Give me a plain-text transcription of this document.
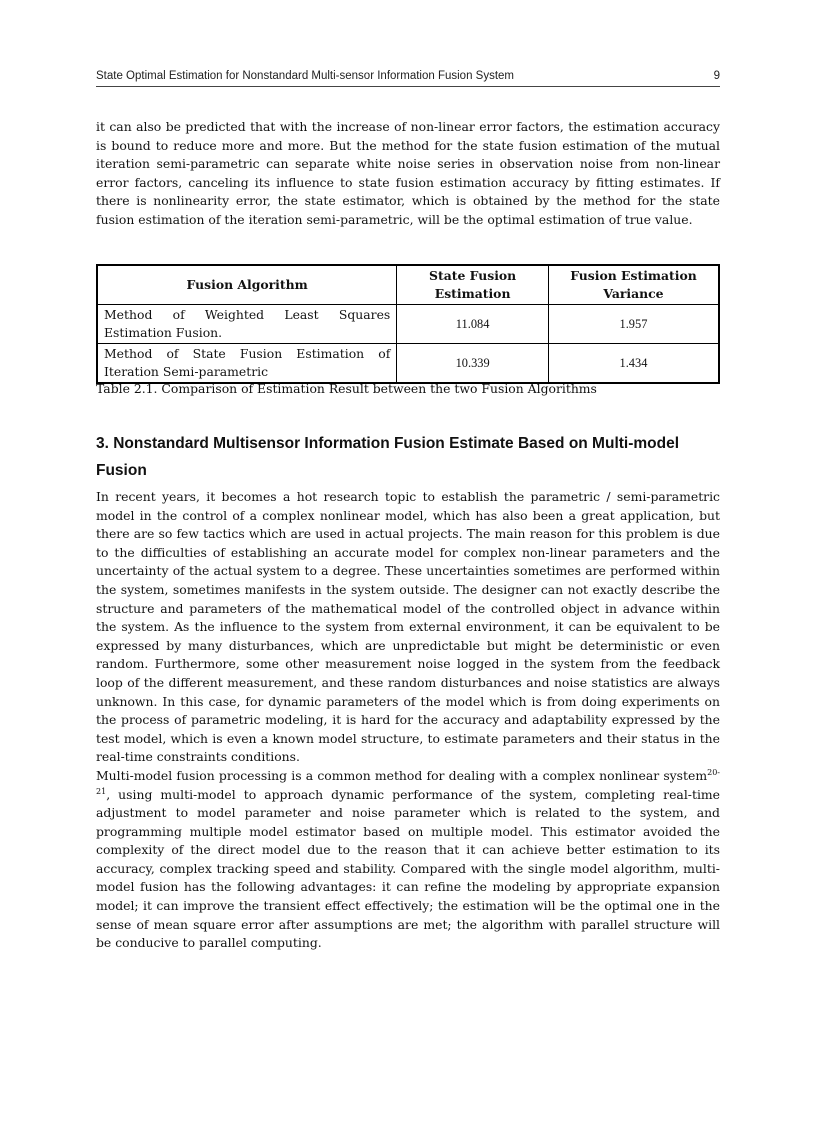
State Optimal Estimation for Nonstandard Multi-sensor Information Fusion System	9

it can also be predicted that with the increase of non-linear error factors, the estimation accuracy is bound to reduce more and more. But the method for the state fusion estimation of the mutual iteration semi-parametric can separate white noise series in observation noise from non-linear error factors, canceling its influence to state fusion estimation accuracy by fitting estimates. If there is nonlinearity error, the state estimator, which is obtained by the method for the state fusion estimation of the iteration semi-parametric, will be the optimal estimation of true value.

Fusion Algorithm	State Fusion Estimation	Fusion Estimation Variance
Method of Weighted Least Squares Estimation Fusion.	11.084	1.957
Method of State Fusion Estimation of Iteration Semi-parametric	10.339	1.434
Table 2.1. Comparison of Estimation Result between the two Fusion Algorithms
3. Nonstandard Multisensor Information Fusion Estimate Based on Multi-model Fusion

In recent years, it becomes a hot research topic to establish the parametric / semi-parametric model in the control of a complex nonlinear model, which has also been a great application, but there are so few tactics which are used in actual projects. The main reason for this problem is due to the difficulties of establishing an accurate model for complex non-linear parameters and the uncertainty of the actual system to a degree. These uncertainties sometimes are performed within the system, sometimes manifests in the system outside. The designer can not exactly describe the structure and parameters of the mathematical model of the controlled object in advance within the system. As the influence to the system from external environment, it can be equivalent to be expressed by many disturbances, which are unpredictable but might be deterministic or even random. Furthermore, some other measurement noise logged in the system from the feedback loop of the different measurement, and these random disturbances and noise statistics are always unknown. In this case, for dynamic parameters of the model which is from doing experiments on the process of parametric modeling, it is hard for the accuracy and adaptability expressed by the test model, which is even a known model structure, to estimate parameters and their status in the real-time constraints conditions.

Multi-model fusion processing is a common method for dealing with a complex nonlinear system$^{20-21}$, using multi-model to approach dynamic performance of the system, completing real-time adjustment to model parameter and noise parameter which is related to the system, and programming multiple model estimator based on multiple model. This estimator avoided the complexity of the direct model due to the reason that it can achieve better estimation to its accuracy, complex tracking speed and stability. Compared with the single model algorithm, multi-model fusion has the following advantages: it can refine the modeling by appropriate expansion model; it can improve the transient effect effectively; the estimation will be the optimal one in the sense of mean square error after assumptions are met; the algorithm with parallel structure will be conducive to parallel computing.
